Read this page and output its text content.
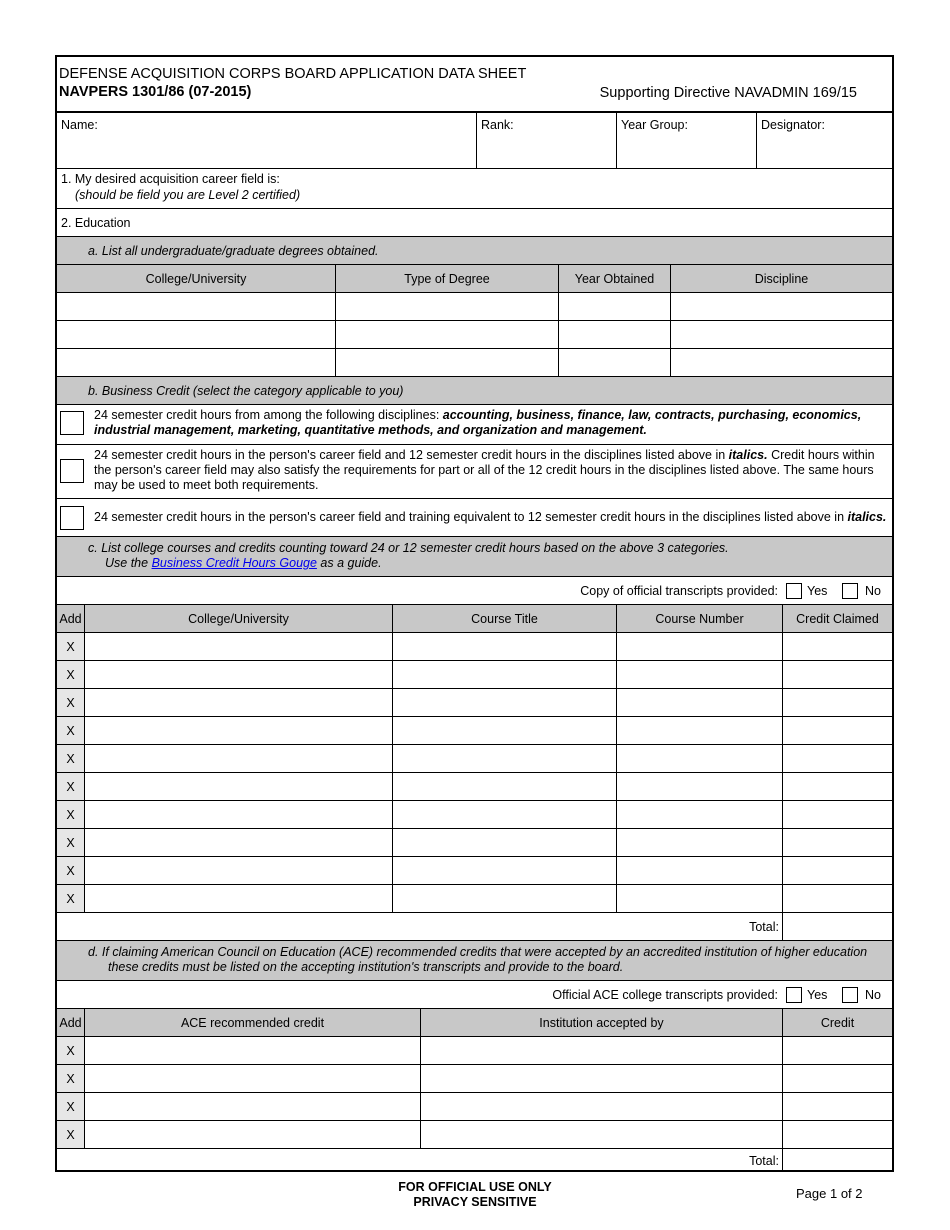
DEFENSE ACQUISITION CORPS BOARD APPLICATION DATA SHEET
NAVPERS 1301/86 (07-2015)	Supporting Directive NAVADMIN 169/15
Name:	Rank:	Year Group:	Designator:
1. My desired acquisition career field is:
(should be field you are Level 2 certified)
2. Education
a. List all undergraduate/graduate degrees obtained.
College/University	Type of Degree	Year Obtained	Discipline
b. Business Credit (select the category applicable to you)
24 semester credit hours from among the following disciplines: accounting, business, finance, law, contracts, purchasing, economics, industrial management, marketing, quantitative methods, and organization and management.
24 semester credit hours in the person's career field and 12 semester credit hours in the disciplines listed above in italics. Credit hours within the person's career field may also satisfy the requirements for part or all of the 12 credit hours in the disciplines listed above. The same hours may be used to meet both requirements.
24 semester credit hours in the person's career field and training equivalent to 12 semester credit hours in the disciplines listed above in italics.
c. List college courses and credits counting toward 24 or 12 semester credit hours based on the above 3 categories.
Use the Business Credit Hours Gouge as a guide.
Copy of official transcripts provided: Yes	No
Add	College/University	Course Title	Course Number	Credit Claimed
X
X
X
X
X
X
X
X
X
X
Total:
d. If claiming American Council on Education (ACE) recommended credits that were accepted by an accredited institution of higher education
these credits must be listed on the accepting institution's transcripts and provide to the board.
Official ACE college transcripts provided: Yes	No
Add	ACE recommended credit	Institution accepted by	Credit
X
X
X
X
Total:
FOR OFFICIAL USE ONLY
PRIVACY SENSITIVE
Page 1 of 2
